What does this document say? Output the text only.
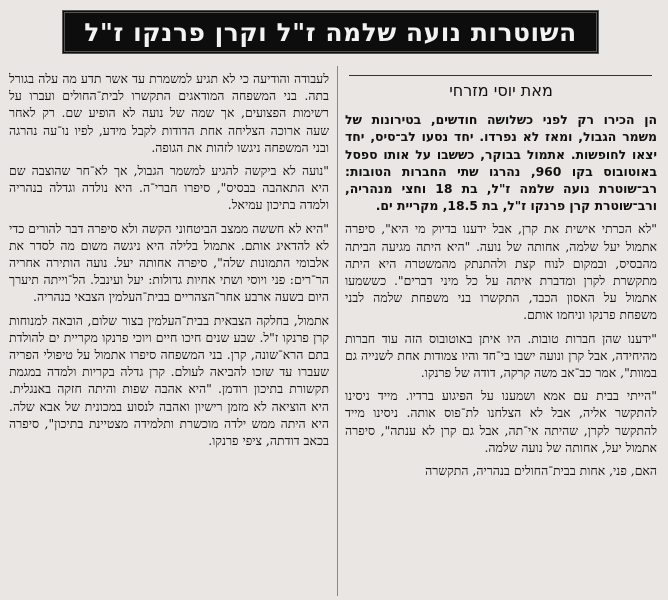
השוטרות נועה שלמה ז"ל וקרן פרנקו ז"ל
מאת יוסי מזרחי

הן הכירו רק לפני כשלושה חודשים, בטירונות של משמר הגבול, ומאז לא נפרדו. יחד נסעו לב־סיס, יחד יצאו לחופשות. אתמול בבוקר, כששבו על אותו ספסל באוטובוס בקו 960, נהרגו שתי החברות הטובות: רב־שוטרת נועה שלמה ז"ל, בת 18 וחצי מנהריה, ורב־שוטרת קרן פרנקו ז"ל, בת 18.5, מקריית ים.

"לא הכרתי אישית את קרן, אבל ידענו בדיוק מי היא", סיפרה אתמול יעל שלמה, אחותה של נועה. "היא היתה מגיעה הביתה מהבסיס, ובמקום לנוח קצת ולהתנתק מהמשטרה היא היתה מתקשרת לקרן ומדברת איתה על כל מיני דברים". כששמעו אתמול על האסון הכבד, התקשרו בני משפחת שלמה לבני משפחת פרנקו וניחמו אותם.

"ידענו שהן חברות טובות. היו איתן באוטובוס הזה עוד חברות מהיחידה, אבל קרן ונועה ישבו בי־חד והיו צמודות אחת לשנייה גם במוות", אמר כב־אב משה קרקה, דודה של פרנקו.

"הייתי בבית עם אמא ושמענו על הפיגוע ברדיו. מייד ניסינו להתקשר אליה, אבל לא הצלחנו לת־פוס אותה. ניסינו מייד להתקשר לקרן, שהיתה אי־תה, אבל גם קרן לא ענתה", סיפרה אתמול יעל, אחותה של נועה שלמה.

האם, פני, אחות בבית־החולים בנהריה, התקשרה

לעבודה והודיעה כי לא תגיע למשמרת עד אשר תדע מה עלה בגורל בתה. בני המשפחה המודאגים התקשרו לבית־החולים ועברו על רשימות הפצועים, אך שמה של נועה לא הופיע שם. רק לאחר שעה ארוכה הצליחה אחת הדודות לקבל מידע, לפיו נו־עה נהרגה ובני המשפחה ניגשו לזהות את הגופה.

"נועה לא ביקשה להגיע למשמר הגבול, אך לא־חר שהוצבה שם היא התאהבה בבסיס", סיפרו חברי־ה. היא נולדה וגדלה בנהריה ולמדה בתיכון עמיאל.

"היא לא חששה ממצב הביטחוני הקשה ולא סיפרה דבר להורים כדי לא להדאיג אותם. אתמול בלילה היא ניגשה משום מה לסדר את אלבומי התמונות שלה", סיפרה אחותה יעל. נועה הותירה אחריה הר־רים: פני ויוסי ושתי אחיות גדולות: יעל ועינבל. הל־וייתה תיערך היום בשעה ארבע אחר־הצהריים בבית־העלמין הצבאי בנהריה.

אתמול, בחלקה הצבאית בבית־העלמין בצור שלום, הובאה למנוחות קרן פרנקו ז"ל. שבע שנים חיכו חיים ויוכי פרנקו מקריית ים להולדת בתם הרא־שונה, קרן. בני המשפחה סיפרו אתמול על טיפולי הפריה שעברו עד שזכו להביאה לעולם. קרן גדלה בקריות ולמדה במגמת תקשורת בתיכון רודמן. "היא אהבה שפות והיתה חזקה באנגלית. היא הוציאה לא מזמן רישיון ואהבה לנסוע במכונית של אבא שלה. היא היתה ממש ילדה מוכשרת ותלמידה מצטיינת בתיכון", סיפרה בכאב דודתה, ציפי פרנקו.
